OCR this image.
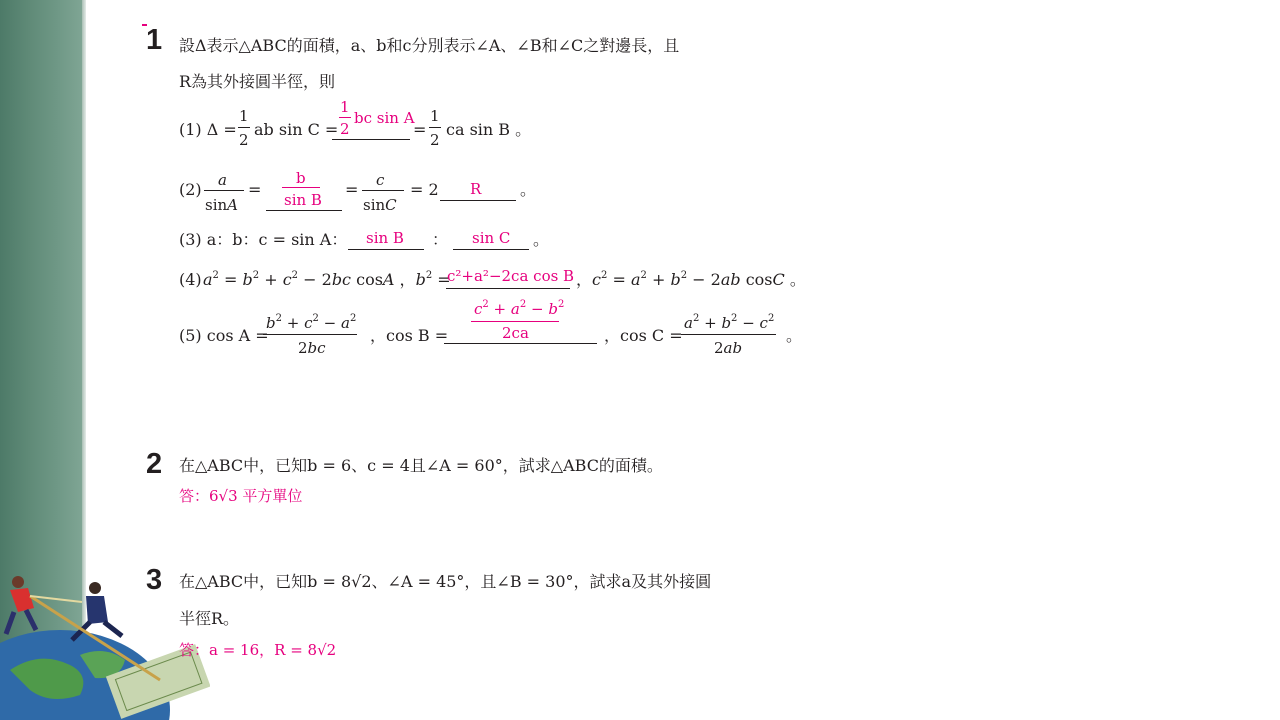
1 設Δ表示△ABC的面積，a、b和c分別表示∠A、∠B和∠C之對邊長，且
R為其外接圓半徑，則
(1) Δ =
1
2
ab sin C =
1
2
bc sin A
=
1
2
ca sin B 。
(2) a
sinA
=
b
sin B
= c
sinC
= 2 R 。
(3) a：b：c = sin A： sin B ： sin C 。
(4) $a^2 = b^2 + c^2 - 2bc$ cosA ，$b^2$ =
c²+a²−2ca cos B ，$c^2 = a^2 + b^2 - 2ab$ cosC 。
(5) cos A =
$b^2 + c^2 - a^2$
2bc
，cos B =
$c^2 + a^2 - b^2$
2ca	，cos C =
$a^2 + b^2 - c^2$
2ab
。
2 在△ABC中，已知b = 6、c = 4且∠A = 60°，試求△ABC的面積。
答：6√3 平方單位
3 在△ABC中，已知b = 8√2、∠A = 45°，且∠B = 30°，試求a及其外接圓
半徑R。
答：a = 16，R = 8√2
